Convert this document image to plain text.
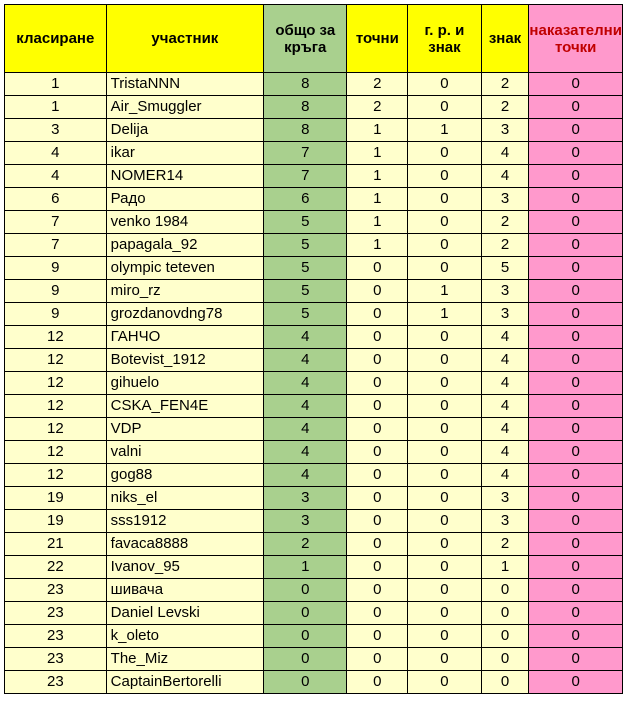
класиране	участник	общо за кръга	точни	г. р. и знак	знак	наказателни точки
1	TristaNNN	8	2	0	2	0
1	Air_Smuggler	8	2	0	2	0
3	Delija	8	1	1	3	0
4	ikar	7	1	0	4	0
4	NOMER14	7	1	0	4	0
6	Радо	6	1	0	3	0
7	venko 1984	5	1	0	2	0
7	papagala_92	5	1	0	2	0
9	olympic teteven	5	0	0	5	0
9	miro_rz	5	0	1	3	0
9	grozdanovdng78	5	0	1	3	0
12	ГАНЧО	4	0	0	4	0
12	Botevist_1912	4	0	0	4	0
12	gihuelo	4	0	0	4	0
12	CSKA_FEN4E	4	0	0	4	0
12	VDP	4	0	0	4	0
12	valni	4	0	0	4	0
12	gog88	4	0	0	4	0
19	niks_el	3	0	0	3	0
19	sss1912	3	0	0	3	0
21	favaca8888	2	0	0	2	0
22	Ivanov_95	1	0	0	1	0
23	шивача	0	0	0	0	0
23	Daniel Levski	0	0	0	0	0
23	k_oleto	0	0	0	0	0
23	The_Miz	0	0	0	0	0
23	CaptainBertorelli	0	0	0	0	0
